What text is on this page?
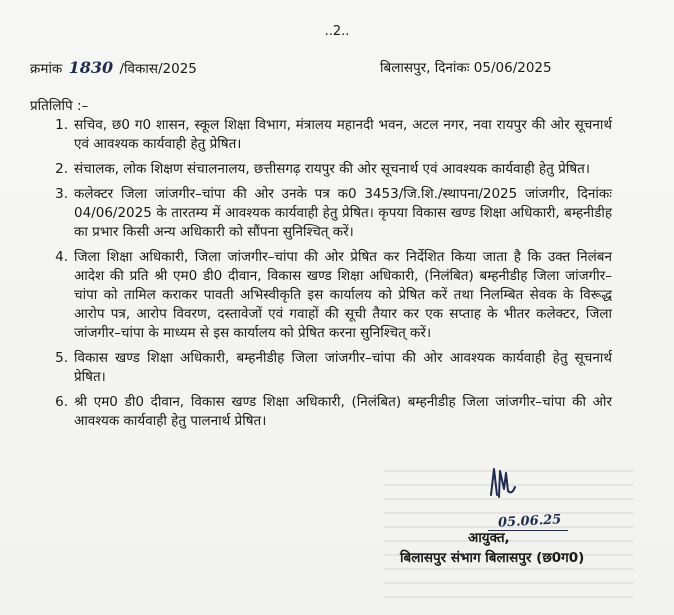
..2..
क्रमांक 1830 /विकास/2025	बिलासपुर, दिनांकः 05/06/2025
प्रतिलिपि :–
1. सचिव, छ0 ग0 शासन, स्कूल शिक्षा विभाग, मंत्रालय महानदी भवन, अटल नगर, नवा रायपुर की ओर सूचनार्थ एवं आवश्यक कार्यवाही हेतु प्रेषित।
2. संचालक, लोक शिक्षण संचालनालय, छत्तीसगढ़ रायपुर की ओर सूचनार्थ एवं आवश्यक कार्यवाही हेतु प्रेषित।
3. कलेक्टर जिला जांजगीर–चांपा की ओर उनके पत्र क0 3453/जि.शि./स्थापना/2025 जांजगीर, दिनांकः 04/06/2025 के तारतम्य में आवश्यक कार्यवाही हेतु प्रेषित। कृपया विकास खण्ड शिक्षा अधिकारी, बम्हनीडीह का प्रभार किसी अन्य अधिकारी को सौंपना सुनिश्चित् करें।
4. जिला शिक्षा अधिकारी, जिला जांजगीर–चांपा की ओर प्रेषित कर निर्देशित किया जाता है कि उक्त निलंबन आदेश की प्रति श्री एम0 डी0 दीवान, विकास खण्ड शिक्षा अधिकारी, (निलंबित) बम्हनीडीह जिला जांजगीर–चांपा को तामिल कराकर पावती अभिस्वीकृति इस कार्यालय को प्रेषित करें तथा निलम्बित सेवक के विरूद्ध आरोप पत्र, आरोप विवरण, दस्तावेजों एवं गवाहों की सूची तैयार कर एक सप्ताह के भीतर कलेक्टर, जिला जांजगीर–चांपा के माध्यम से इस कार्यालय को प्रेषित करना सुनिश्चित् करें।
5. विकास खण्ड शिक्षा अधिकारी, बम्हनीडीह जिला जांजगीर–चांपा की ओर आवश्यक कार्यवाही हेतु सूचनार्थ प्रेषित।
6. श्री एम0 डी0 दीवान, विकास खण्ड शिक्षा अधिकारी, (निलंबित) बम्हनीडीह जिला जांजगीर–चांपा की ओर आवश्यक कार्यवाही हेतु पालनार्थ प्रेषित।
05.06.25
आयुक्त,
बिलासपुर संभाग बिलासपुर (छ0ग0)
